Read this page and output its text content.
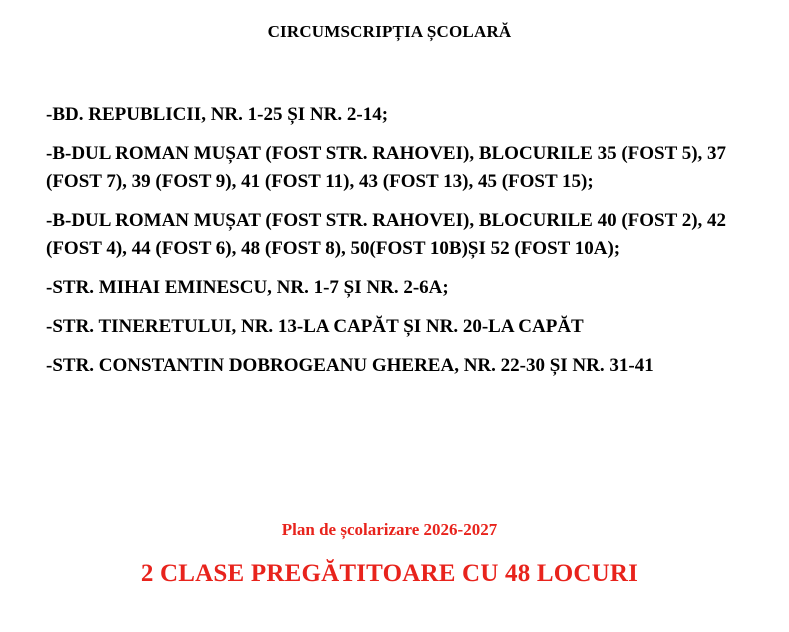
CIRCUMSCRIPȚIA ȘCOLARĂ
-BD. REPUBLICII, NR. 1-25 ȘI NR. 2-14;
-B-DUL ROMAN MUȘAT (FOST STR. RAHOVEI), BLOCURILE 35 (FOST 5), 37 (FOST 7), 39 (FOST 9), 41 (FOST 11), 43 (FOST 13), 45 (FOST 15);
-B-DUL ROMAN MUȘAT (FOST STR. RAHOVEI), BLOCURILE 40 (FOST 2), 42 (FOST 4), 44 (FOST 6), 48 (FOST 8), 50(FOST 10B)ȘI 52 (FOST 10A);
-STR. MIHAI EMINESCU, NR. 1-7 ȘI NR. 2-6A;
-STR. TINERETULUI, NR. 13-LA CAPĂT ȘI NR. 20-LA CAPĂT
-STR. CONSTANTIN DOBROGEANU GHEREA, NR. 22-30 ȘI NR. 31-41
Plan de școlarizare 2026-2027
2 CLASE PREGĂTITOARE CU 48 LOCURI
